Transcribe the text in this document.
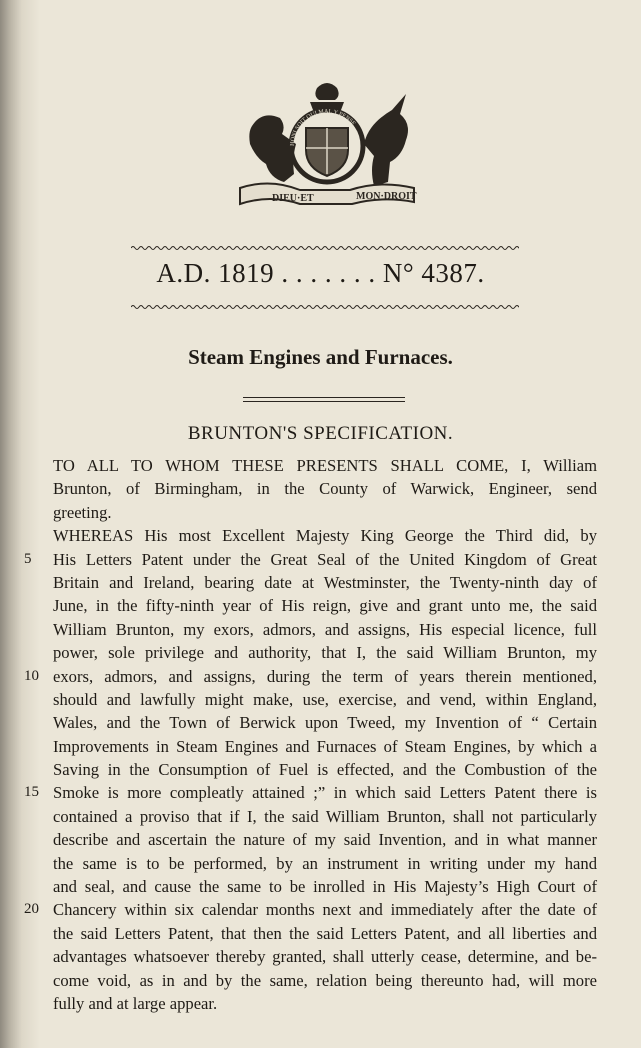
DIEU·ET	MON·DROIT
HONI SOIT QUI MAL Y PENSE
A.D. 1819 . . . . . . . N° 4387.
Steam Engines and Furnaces.
BRUNTON'S SPECIFICATION.
TO ALL TO WHOM THESE PRESENTS SHALL COME, I, William
Brunton, of Birmingham, in the County of Warwick, Engineer, send
greeting.
WHEREAS His most Excellent Majesty King George the Third did, by
5	His Letters Patent under the Great Seal of the United Kingdom of Great
Britain and Ireland, bearing date at Westminster, the Twenty-ninth day of
June, in the fifty-ninth year of His reign, give and grant unto me, the said
William Brunton, my exors, admors, and assigns, His especial licence, full
power, sole privilege and authority, that I, the said William Brunton, my
10 exors, admors, and assigns, during the term of years therein mentioned,
should and lawfully might make, use, exercise, and vend, within England,
Wales, and the Town of Berwick upon Tweed, my Invention of “ Certain
Improvements in Steam Engines and Furnaces of Steam Engines, by which a
Saving in the Consumption of Fuel is effected, and the Combustion of the
15 Smoke is more compleatly attained ;” in which said Letters Patent there is
contained a proviso that if I, the said William Brunton, shall not particularly
describe and ascertain the nature of my said Invention, and in what manner
the same is to be performed, by an instrument in writing under my hand
and seal, and cause the same to be inrolled in His Majesty’s High Court of
20 Chancery within six calendar months next and immediately after the date of
the said Letters Patent, that then the said Letters Patent, and all liberties and
advantages whatsoever thereby granted, shall utterly cease, determine, and be-
come void, as in and by the same, relation being thereunto had, will more
fully and at large appear.
